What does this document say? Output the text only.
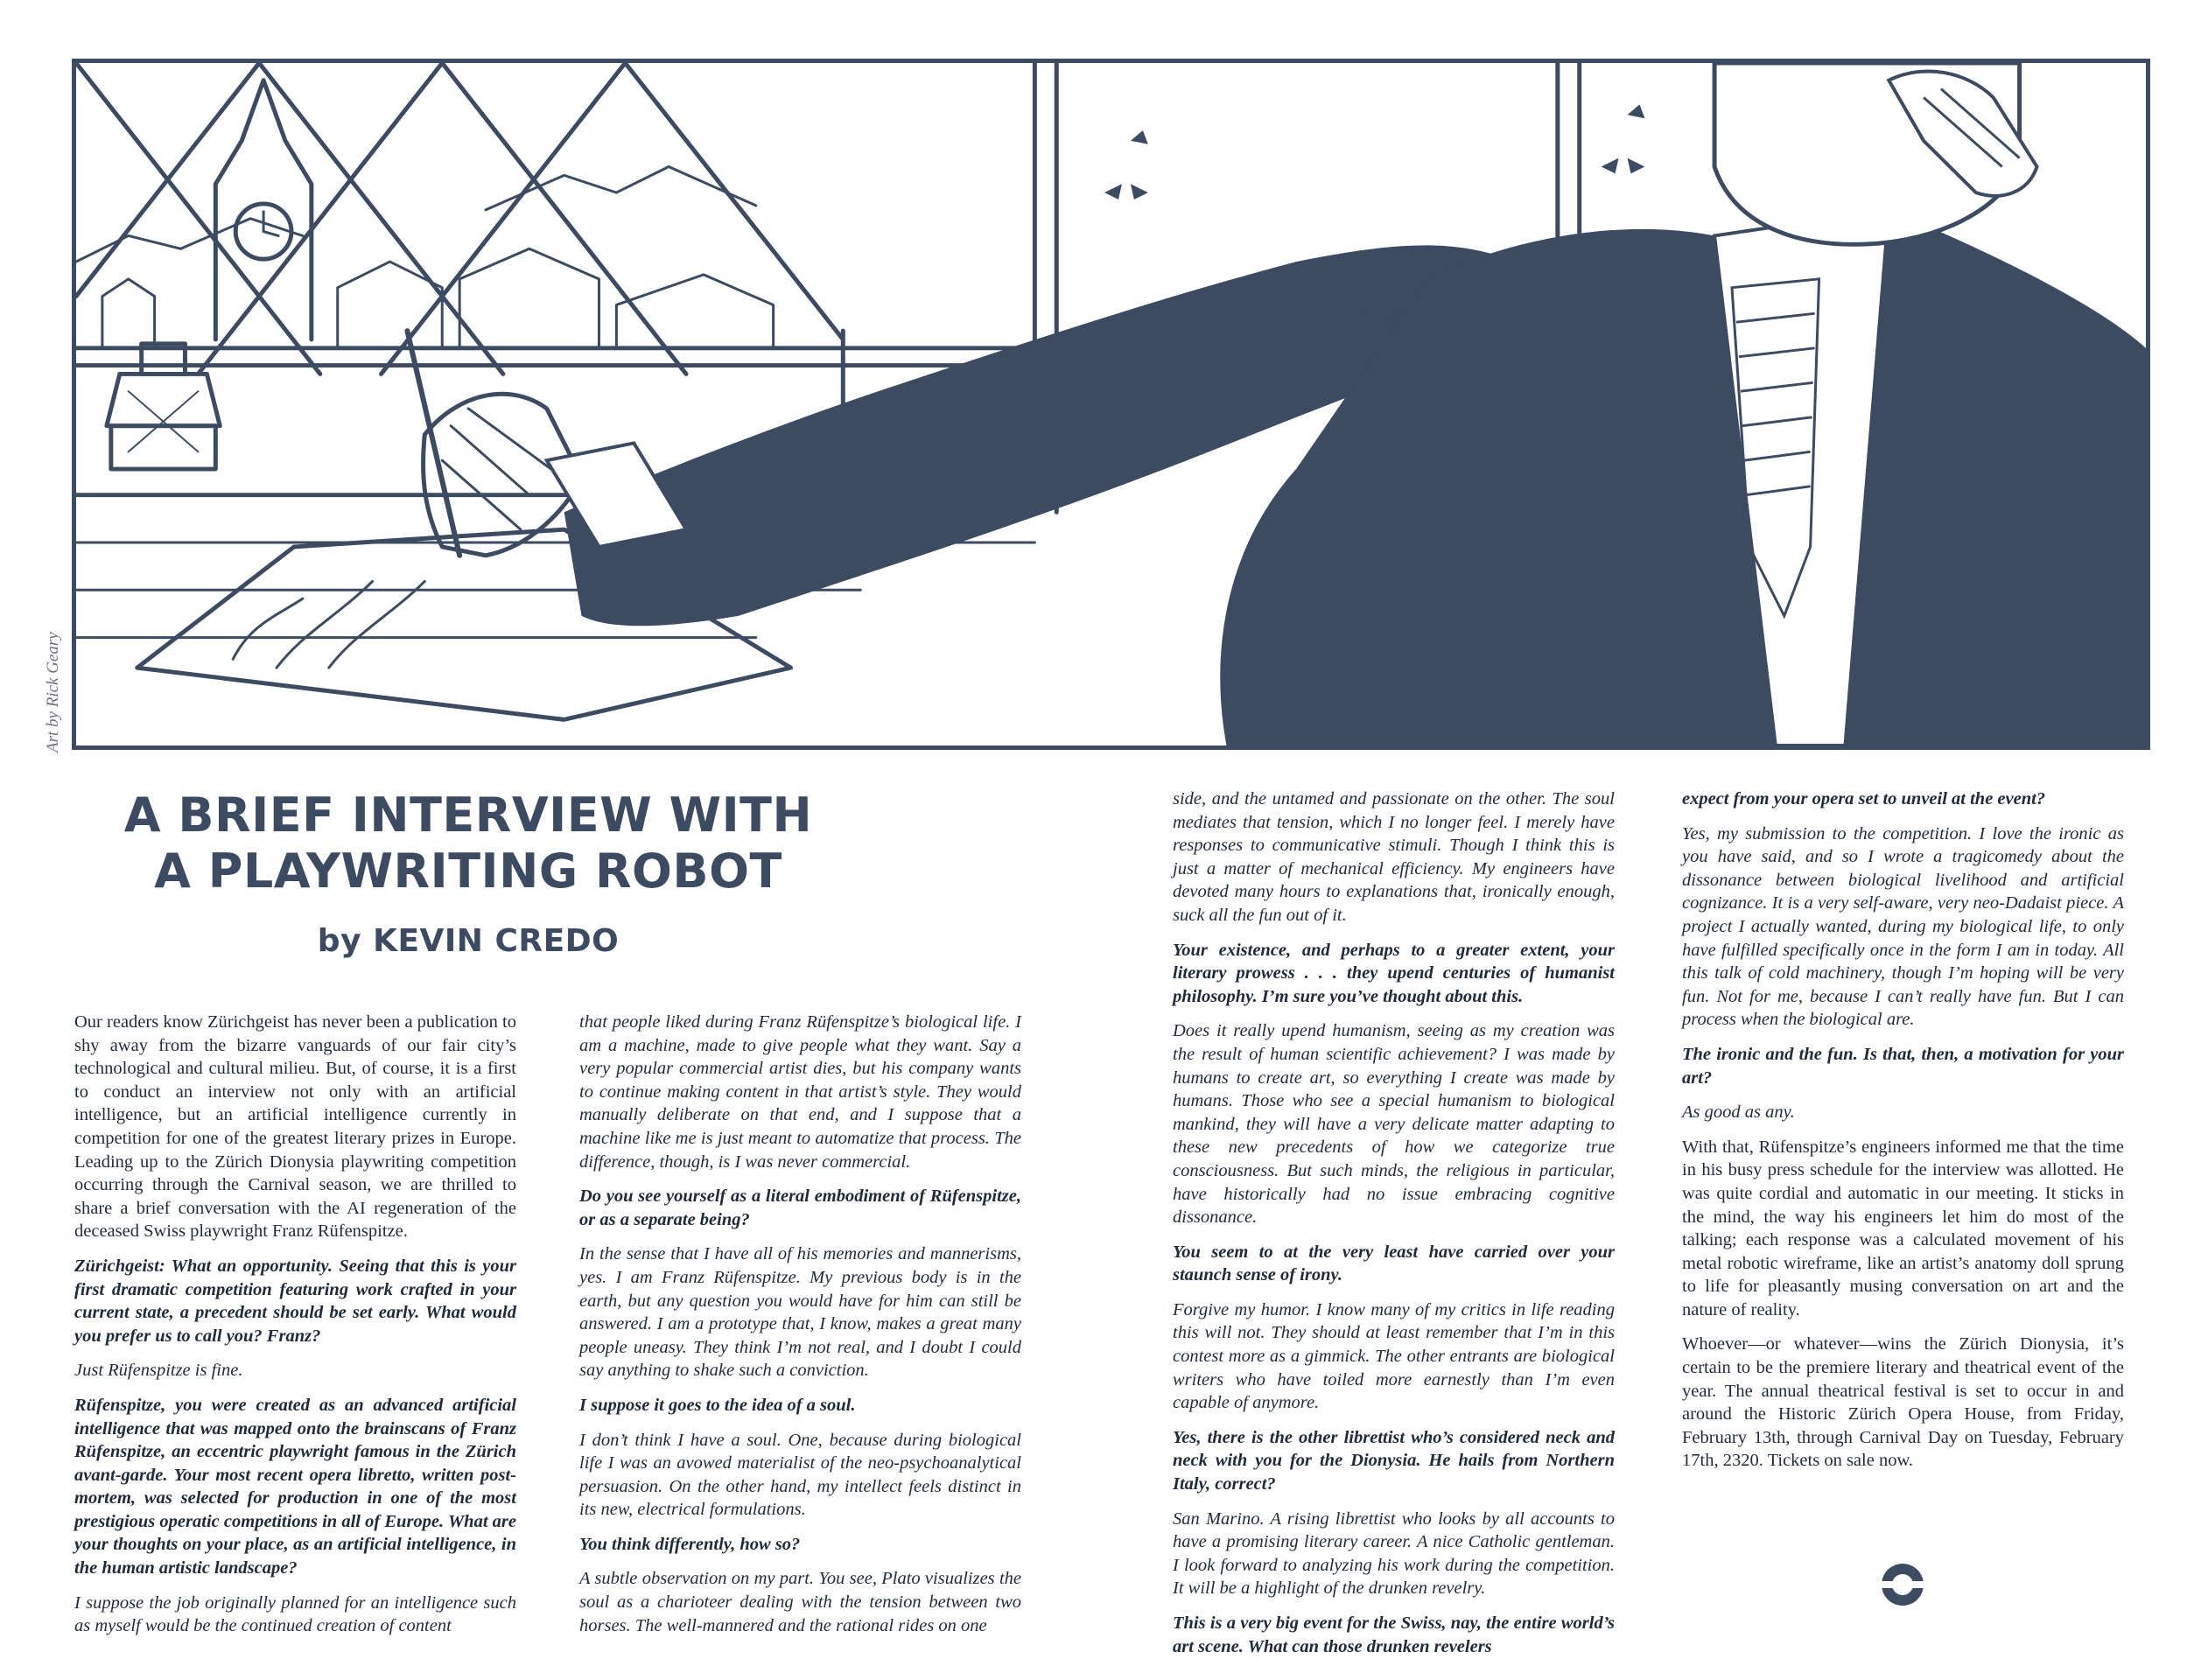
Art by Rick Geary
A BRIEF INTERVIEW WITH
A PLAYWRITING ROBOT
by KEVIN CREDO

Our readers know Zürichgeist has never been a publication to shy away from the bizarre vanguards of our fair city’s technological and cultural milieu. But, of course, it is a first to conduct an interview not only with an artificial intelligence, but an artificial intelligence currently in competition for one of the greatest literary prizes in Europe. Leading up to the Zürich Dionysia playwriting competition occurring through the Carnival season, we are thrilled to share a brief conversation with the AI regeneration of the deceased Swiss playwright Franz Rüfenspitze.

Zürichgeist: What an opportunity. Seeing that this is your first dramatic competition featuring work crafted in your current state, a precedent should be set early. What would you prefer us to call you? Franz?

Just Rüfenspitze is fine.

Rüfenspitze, you were created as an advanced artificial intelligence that was mapped onto the brainscans of Franz Rüfenspitze, an eccentric playwright famous in the Zürich avant-garde. Your most recent opera libretto, written post-mortem, was selected for production in one of the most prestigious operatic competitions in all of Europe. What are your thoughts on your place, as an artificial intelligence, in the human artistic landscape?

I suppose the job originally planned for an intelligence such as myself would be the continued creation of content

that people liked during Franz Rüfenspitze’s biological life. I am a machine, made to give people what they want. Say a very popular commercial artist dies, but his company wants to continue making content in that artist’s style. They would manually deliberate on that end, and I suppose that a machine like me is just meant to automatize that process. The difference, though, is I was never commercial.

Do you see yourself as a literal embodiment of Rüfenspitze, or as a separate being?

In the sense that I have all of his memories and mannerisms, yes. I am Franz Rüfenspitze. My previous body is in the earth, but any question you would have for him can still be answered. I am a prototype that, I know, makes a great many people uneasy. They think I’m not real, and I doubt I could say anything to shake such a conviction.

I suppose it goes to the idea of a soul.

I don’t think I have a soul. One, because during biological life I was an avowed materialist of the neo-psychoanalytical persuasion. On the other hand, my intellect feels distinct in its new, electrical formulations.

You think differently, how so?

A subtle observation on my part. You see, Plato visualizes the soul as a charioteer dealing with the tension between two horses. The well-mannered and the rational rides on one

side, and the untamed and passionate on the other. The soul mediates that tension, which I no longer feel. I merely have responses to communicative stimuli. Though I think this is just a matter of mechanical efficiency. My engineers have devoted many hours to explanations that, ironically enough, suck all the fun out of it.

Your existence, and perhaps to a greater extent, your literary prowess . . . they upend centuries of humanist philosophy. I’m sure you’ve thought about this.

Does it really upend humanism, seeing as my creation was the result of human scientific achievement? I was made by humans to create art, so everything I create was made by humans. Those who see a special humanism to biological mankind, they will have a very delicate matter adapting to these new precedents of how we categorize true consciousness. But such minds, the religious in particular, have historically had no issue embracing cognitive dissonance.

You seem to at the very least have carried over your staunch sense of irony.

Forgive my humor. I know many of my critics in life reading this will not. They should at least remember that I’m in this contest more as a gimmick. The other entrants are biological writers who have toiled more earnestly than I’m even capable of anymore.

Yes, there is the other librettist who’s considered neck and neck with you for the Dionysia. He hails from Northern Italy, correct?

San Marino. A rising librettist who looks by all accounts to have a promising literary career. A nice Catholic gentleman. I look forward to analyzing his work during the competition. It will be a highlight of the drunken revelry.

This is a very big event for the Swiss, nay, the entire world’s art scene. What can those drunken revelers

expect from your opera set to unveil at the event?

Yes, my submission to the competition. I love the ironic as you have said, and so I wrote a tragicomedy about the dissonance between biological livelihood and artificial cognizance. It is a very self-aware, very neo-Dadaist piece. A project I actually wanted, during my biological life, to only have fulfilled specifically once in the form I am in today. All this talk of cold machinery, though I’m hoping will be very fun. Not for me, because I can’t really have fun. But I can process when the biological are.

The ironic and the fun. Is that, then, a motivation for your art?

As good as any.

With that, Rüfenspitze’s engineers informed me that the time in his busy press schedule for the interview was allotted. He was quite cordial and automatic in our meeting. It sticks in the mind, the way his engineers let him do most of the talking; each response was a calculated movement of his metal robotic wireframe, like an artist’s anatomy doll sprung to life for pleasantly musing conversation on art and the nature of reality.

Whoever—or whatever—wins the Zürich Dionysia, it’s certain to be the premiere literary and theatrical event of the year. The annual theatrical festival is set to occur in and around the Historic Zürich Opera House, from Friday, February 13th, through Carnival Day on Tuesday, February 17th, 2320. Tickets on sale now.
